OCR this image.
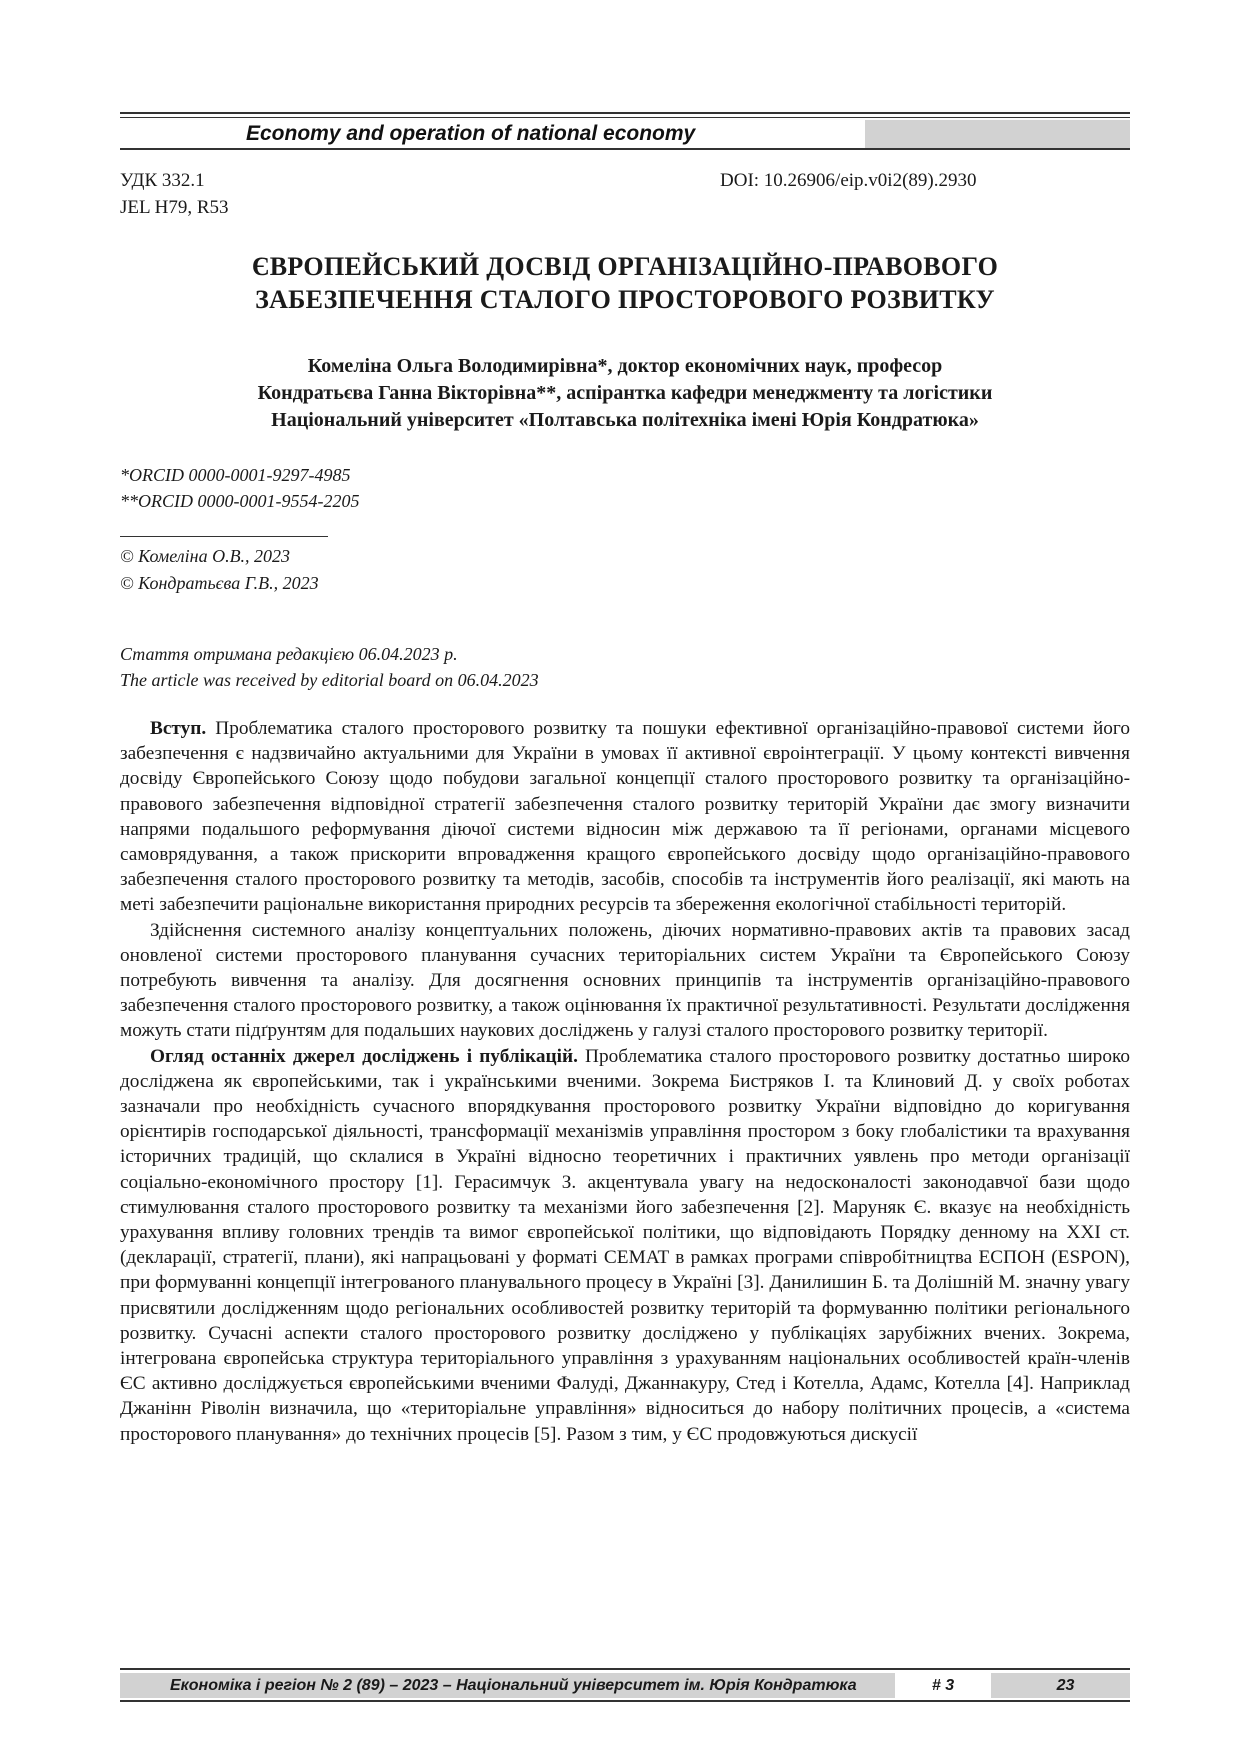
Economy and operation of national economy
УДК 332.1
JEL H79, R53
DOI: 10.26906/eip.v0i2(89).2930
ЄВРОПЕЙСЬКИЙ ДОСВІД ОРГАНІЗАЦІЙНО-ПРАВОВОГО
ЗАБЕЗПЕЧЕННЯ СТАЛОГО ПРОСТОРОВОГО РОЗВИТКУ
Комеліна Ольга Володимирівна*, доктор економічних наук, професор
Кондратьєва Ганна Вікторівна**, аспірантка кафедри менеджменту та логістики
Національний університет «Полтавська політехніка імені Юрія Кондратюка»
*ORCID 0000-0001-9297-4985
**ORCID 0000-0001-9554-2205
© Комеліна О.В., 2023
© Кондратьєва Г.В., 2023
Стаття отримана редакцією 06.04.2023 р.
The article was received by editorial board on 06.04.2023

Вступ. Проблематика сталого просторового розвитку та пошуки ефективної організаційно-правової системи його забезпечення є надзвичайно актуальними для України в умовах її активної євроінтеграції. У цьому контексті вивчення досвіду Європейського Союзу щодо побудови загальної концепції сталого просторового розвитку та організаційно-правового забезпечення відповідної стратегії забезпечення сталого розвитку територій України дає змогу визначити напрями подальшого реформування діючої системи відносин між державою та її регіонами, органами місцевого самоврядування, а також прискорити впровадження кращого європейського досвіду щодо організаційно-правового забезпечення сталого просторового розвитку та методів, засобів, способів та інструментів його реалізації, які мають на меті забезпечити раціональне використання природних ресурсів та збереження екологічної стабільності територій.

Здійснення системного аналізу концептуальних положень, діючих нормативно-правових актів та правових засад оновленої системи просторового планування сучасних територіальних систем України та Європейського Союзу потребують вивчення та аналізу. Для досягнення основних принципів та інструментів організаційно-правового забезпечення сталого просторового розвитку, а також оцінювання їх практичної результативності. Результати дослідження можуть стати підґрунтям для подальших наукових досліджень у галузі сталого просторового розвитку території.

Огляд останніх джерел досліджень і публікацій. Проблематика сталого просторового розвитку достатньо широко досліджена як європейськими, так і українськими вченими. Зокрема Бистряков І. та Клиновий Д. у своїх роботах зазначали про необхідність сучасного впорядкування просторового розвитку України відповідно до коригування орієнтирів господарської діяльності, трансформації механізмів управління простором з боку глобалістики та врахування історичних традицій, що склалися в Україні відносно теоретичних і практичних уявлень про методи організації соціально-економічного простору [1]. Герасимчук З. акцентувала увагу на недосконалості законодавчої бази щодо стимулювання сталого просторового розвитку та механізми його забезпечення [2]. Маруняк Є. вказує на необхідність урахування впливу головних трендів та вимог європейської політики, що відповідають Порядку денному на XXI ст. (декларації, стратегії, плани), які напрацьовані у форматі CEMAT в рамках програми співробітництва ЕСПОН (ESPON), при формуванні концепції інтегрованого планувального процесу в Україні [3]. Данилишин Б. та Долішній М. значну увагу присвятили дослідженням щодо регіональних особливостей розвитку територій та формуванню політики регіонального розвитку. Сучасні аспекти сталого просторового розвитку досліджено у публікаціях зарубіжних вчених. Зокрема, інтегрована європейська структура територіального управління з урахуванням національних особливостей країн-членів ЄС активно досліджується європейськими вченими Фалуді, Джаннакуру, Стед і Котелла, Адамс, Котелла [4]. Наприклад Джанінн Ріволін визначила, що «територіальне управління» відноситься до набору політичних процесів, а «система просторового планування» до технічних процесів [5]. Разом з тим, у ЄС продовжуються дискусії

Економіка і регіон № 2 (89) – 2023 – Національний університет ім. Юрія Кондратюка	# 3	23
